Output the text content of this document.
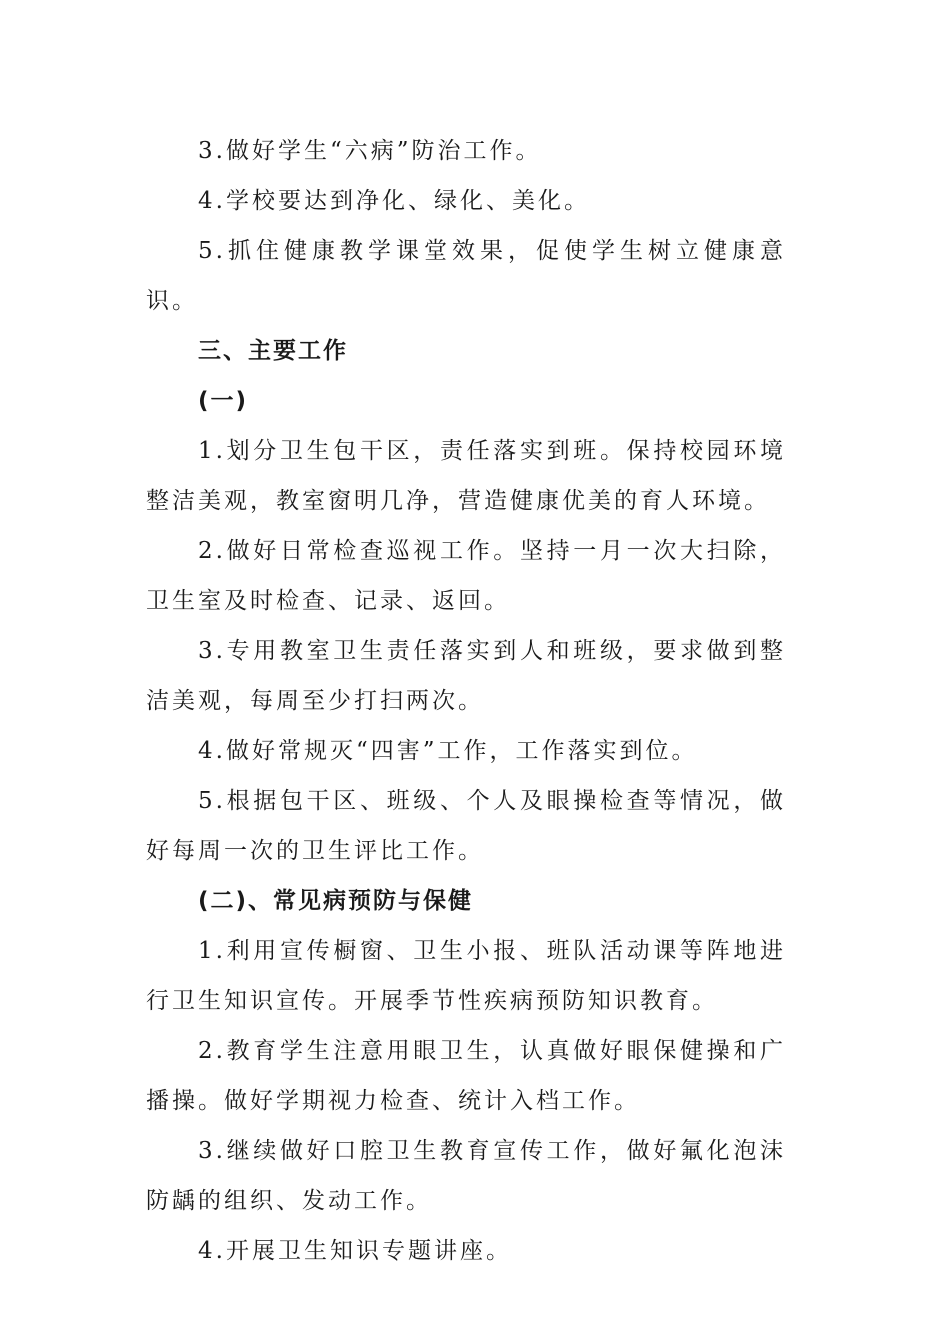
3.做好学生“六病”防治工作。

4.学校要达到净化、绿化、美化。

5.抓住健康教学课堂效果，促使学生树立健康意识。

三、主要工作

(一)

1.划分卫生包干区，责任落实到班。保持校园环境整洁美观，教室窗明几净，营造健康优美的育人环境。

2.做好日常检查巡视工作。坚持一月一次大扫除，卫生室及时检查、记录、返回。

3.专用教室卫生责任落实到人和班级，要求做到整洁美观，每周至少打扫两次。

4.做好常规灭“四害”工作，工作落实到位。

5.根据包干区、班级、个人及眼操检查等情况，做好每周一次的卫生评比工作。

(二)、常见病预防与保健

1.利用宣传橱窗、卫生小报、班队活动课等阵地进行卫生知识宣传。开展季节性疾病预防知识教育。

2.教育学生注意用眼卫生，认真做好眼保健操和广播操。做好学期视力检查、统计入档工作。

3.继续做好口腔卫生教育宣传工作，做好氟化泡沫防龋的组织、发动工作。

4.开展卫生知识专题讲座。
